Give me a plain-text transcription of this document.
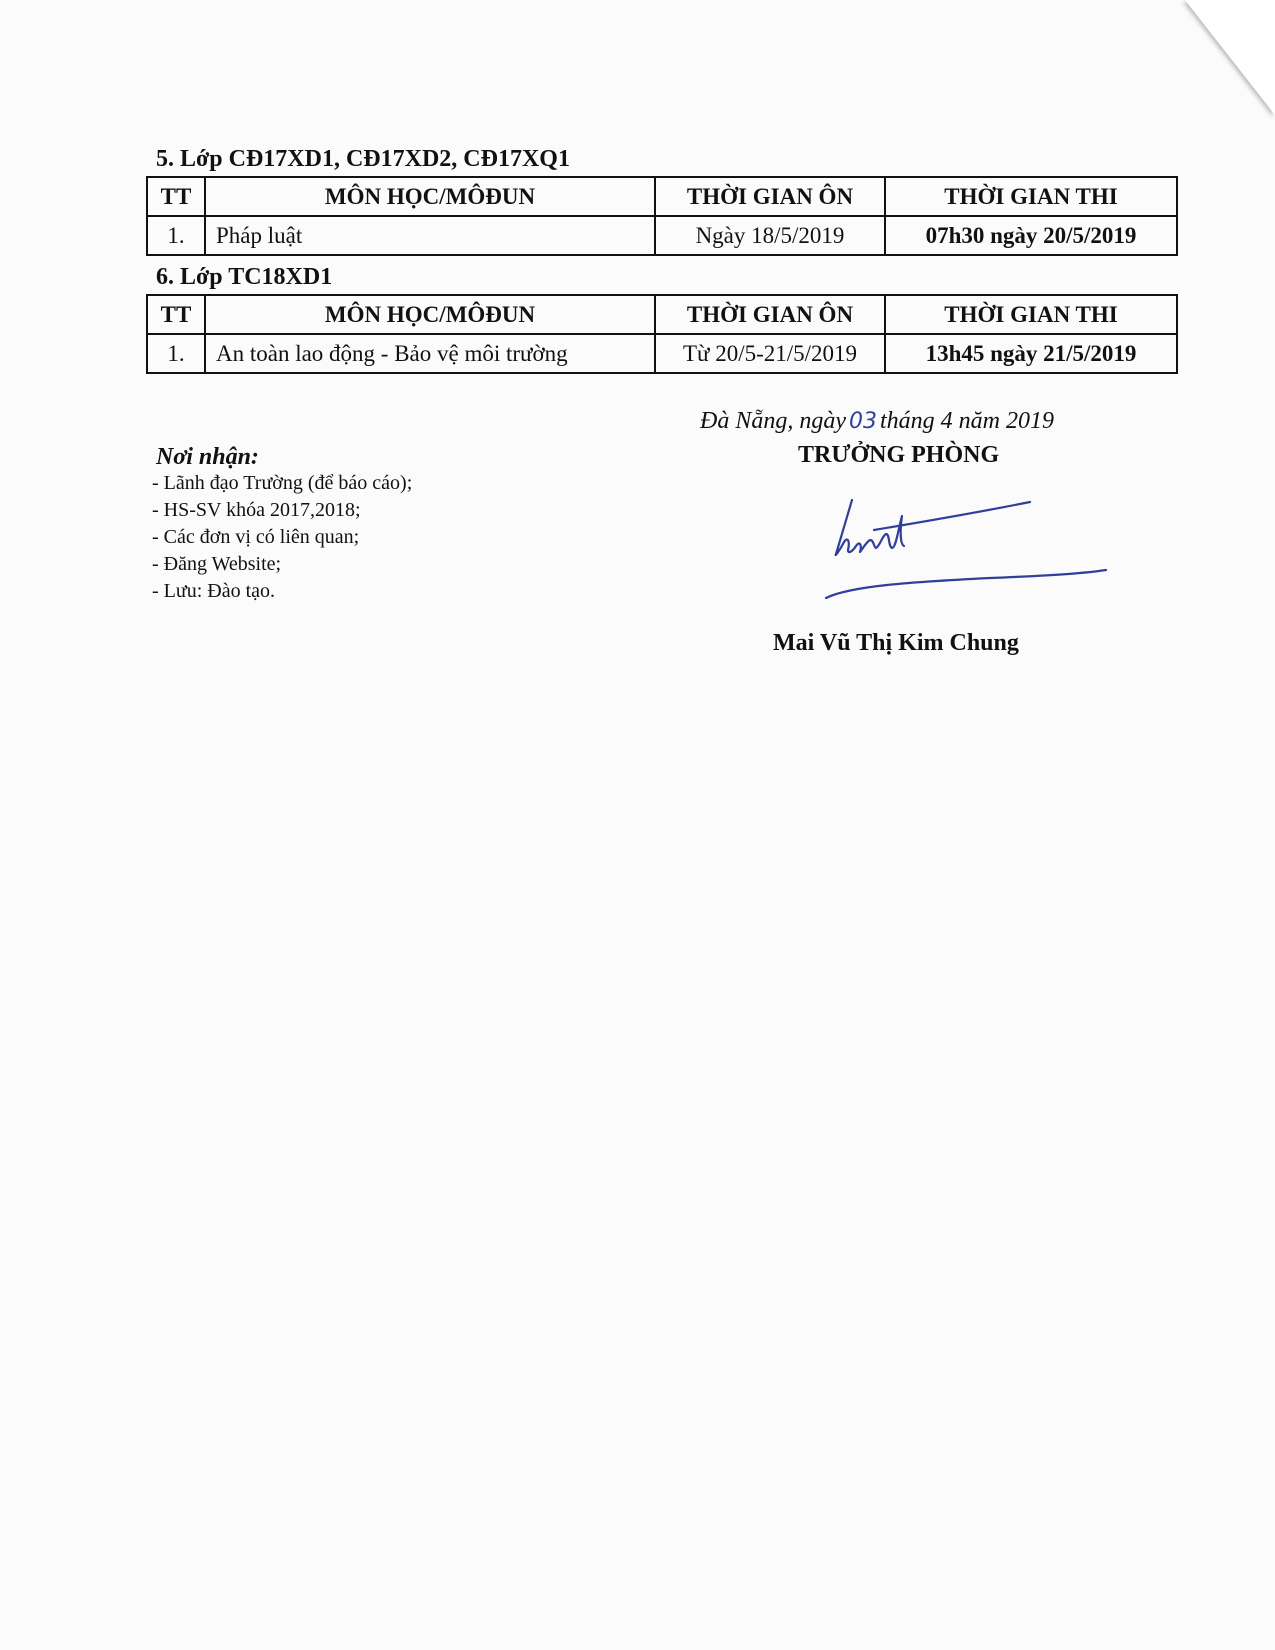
5. Lớp CĐ17XD1, CĐ17XD2, CĐ17XQ1
TT	MÔN HỌC/MÔĐUN	THỜI GIAN ÔN	THỜI GIAN THI
1.	Pháp luật	Ngày 18/5/2019	07h30 ngày 20/5/2019
6. Lớp TC18XD1
TT	MÔN HỌC/MÔĐUN	THỜI GIAN ÔN	THỜI GIAN THI
1.	An toàn lao động - Bảo vệ môi trường	Từ 20/5-21/5/2019	13h45 ngày 21/5/2019
Đà Nẵng, ngày 03 tháng 4 năm 2019
TRƯỞNG PHÒNG
Mai Vũ Thị Kim Chung
Nơi nhận:
- Lãnh đạo Trường (để báo cáo);
- HS-SV khóa 2017,2018;
- Các đơn vị có liên quan;
- Đăng Website;
- Lưu: Đào tạo.
